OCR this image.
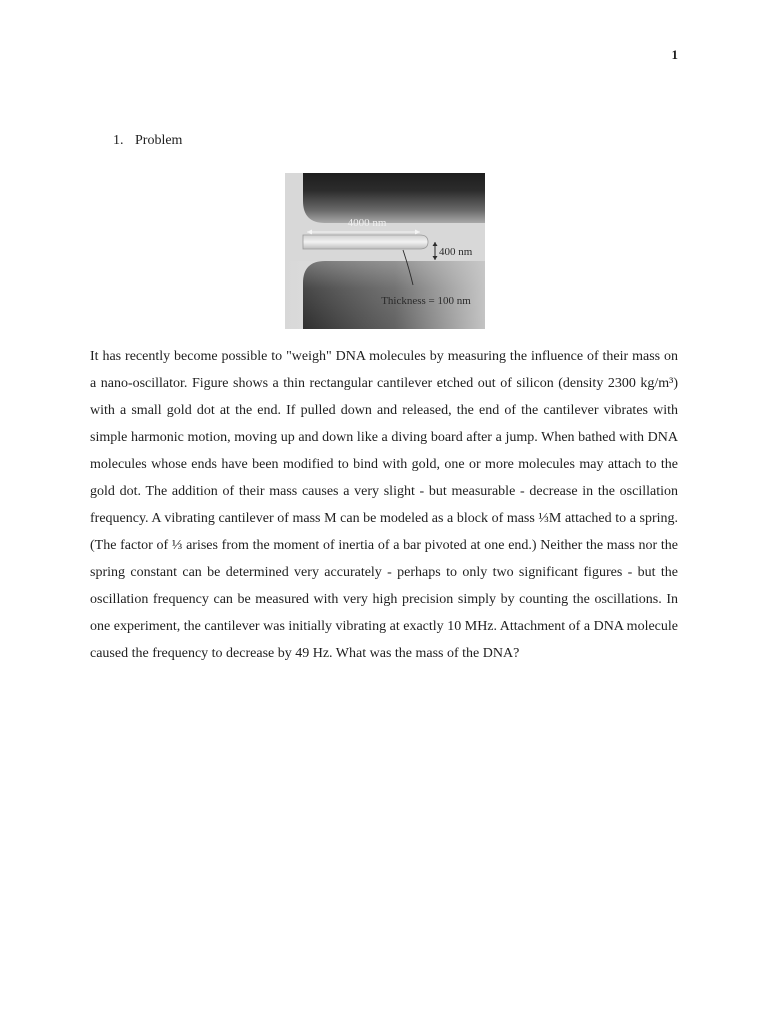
1
1. Problem
4000 nm
400 nm
Thickness = 100 nm

It has recently become possible to "weigh" DNA molecules by measuring the influence of their mass on a nano-oscillator. Figure shows a thin rectangular cantilever etched out of silicon (density 2300 kg/m³) with a small gold dot at the end. If pulled down and released, the end of the cantilever vibrates with simple harmonic motion, moving up and down like a diving board after a jump. When bathed with DNA molecules whose ends have been modified to bind with gold, one or more molecules may attach to the gold dot. The addition of their mass causes a very slight - but measurable - decrease in the oscillation frequency. A vibrating cantilever of mass M can be modeled as a block of mass ⅓M attached to a spring. (The factor of ⅓ arises from the moment of inertia of a bar pivoted at one end.) Neither the mass nor the spring constant can be determined very accurately - perhaps to only two significant figures - but the oscillation frequency can be measured with very high precision simply by counting the oscillations. In one experiment, the cantilever was initially vibrating at exactly 10 MHz. Attachment of a DNA molecule caused the frequency to decrease by 49 Hz. What was the mass of the DNA?
